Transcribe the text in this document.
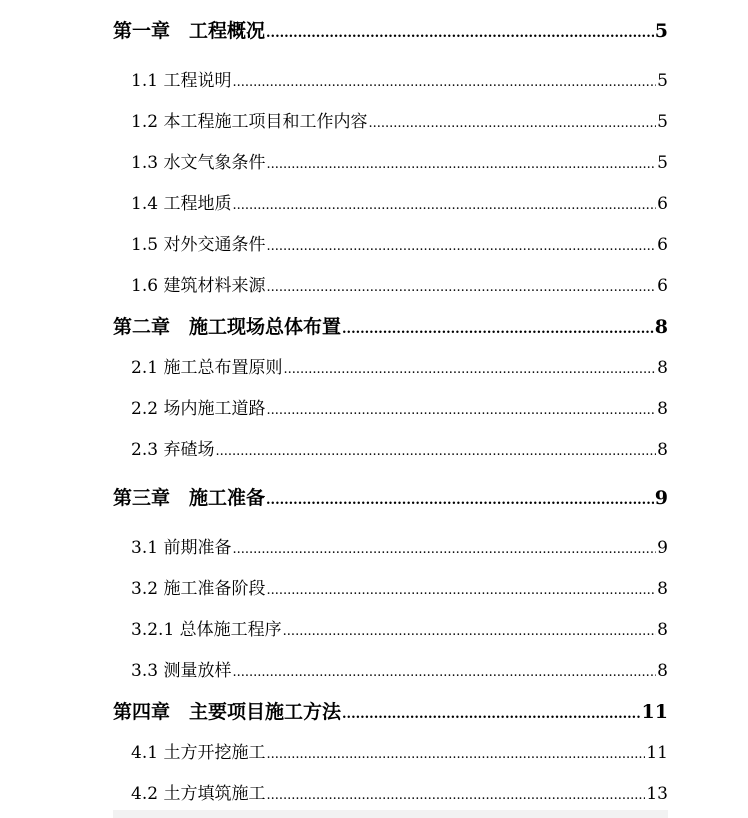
第一章　工程概况 .....	5
1.1 工程说明 .....	5
1.2 本工程施工项目和工作内容 .....	5
1.3 水文气象条件 .....	5
1.4 工程地质 .....	6
1.5 对外交通条件 .....	6
1.6 建筑材料来源 .....	6
第二章　施工现场总体布置 .....	8
2.1 施工总布置原则 .....	8
2.2 场内施工道路 .....	8
2.3 弃碴场 .....	8
第三章　施工准备 .....	9
3.1 前期准备 .....	9
3.2 施工准备阶段 .....	8
3.2.1 总体施工程序 .....	8
3.3 测量放样 .....	8
第四章　主要项目施工方法 .....	11
4.1 土方开挖施工 .....	11
4.2 土方填筑施工 .....	13
